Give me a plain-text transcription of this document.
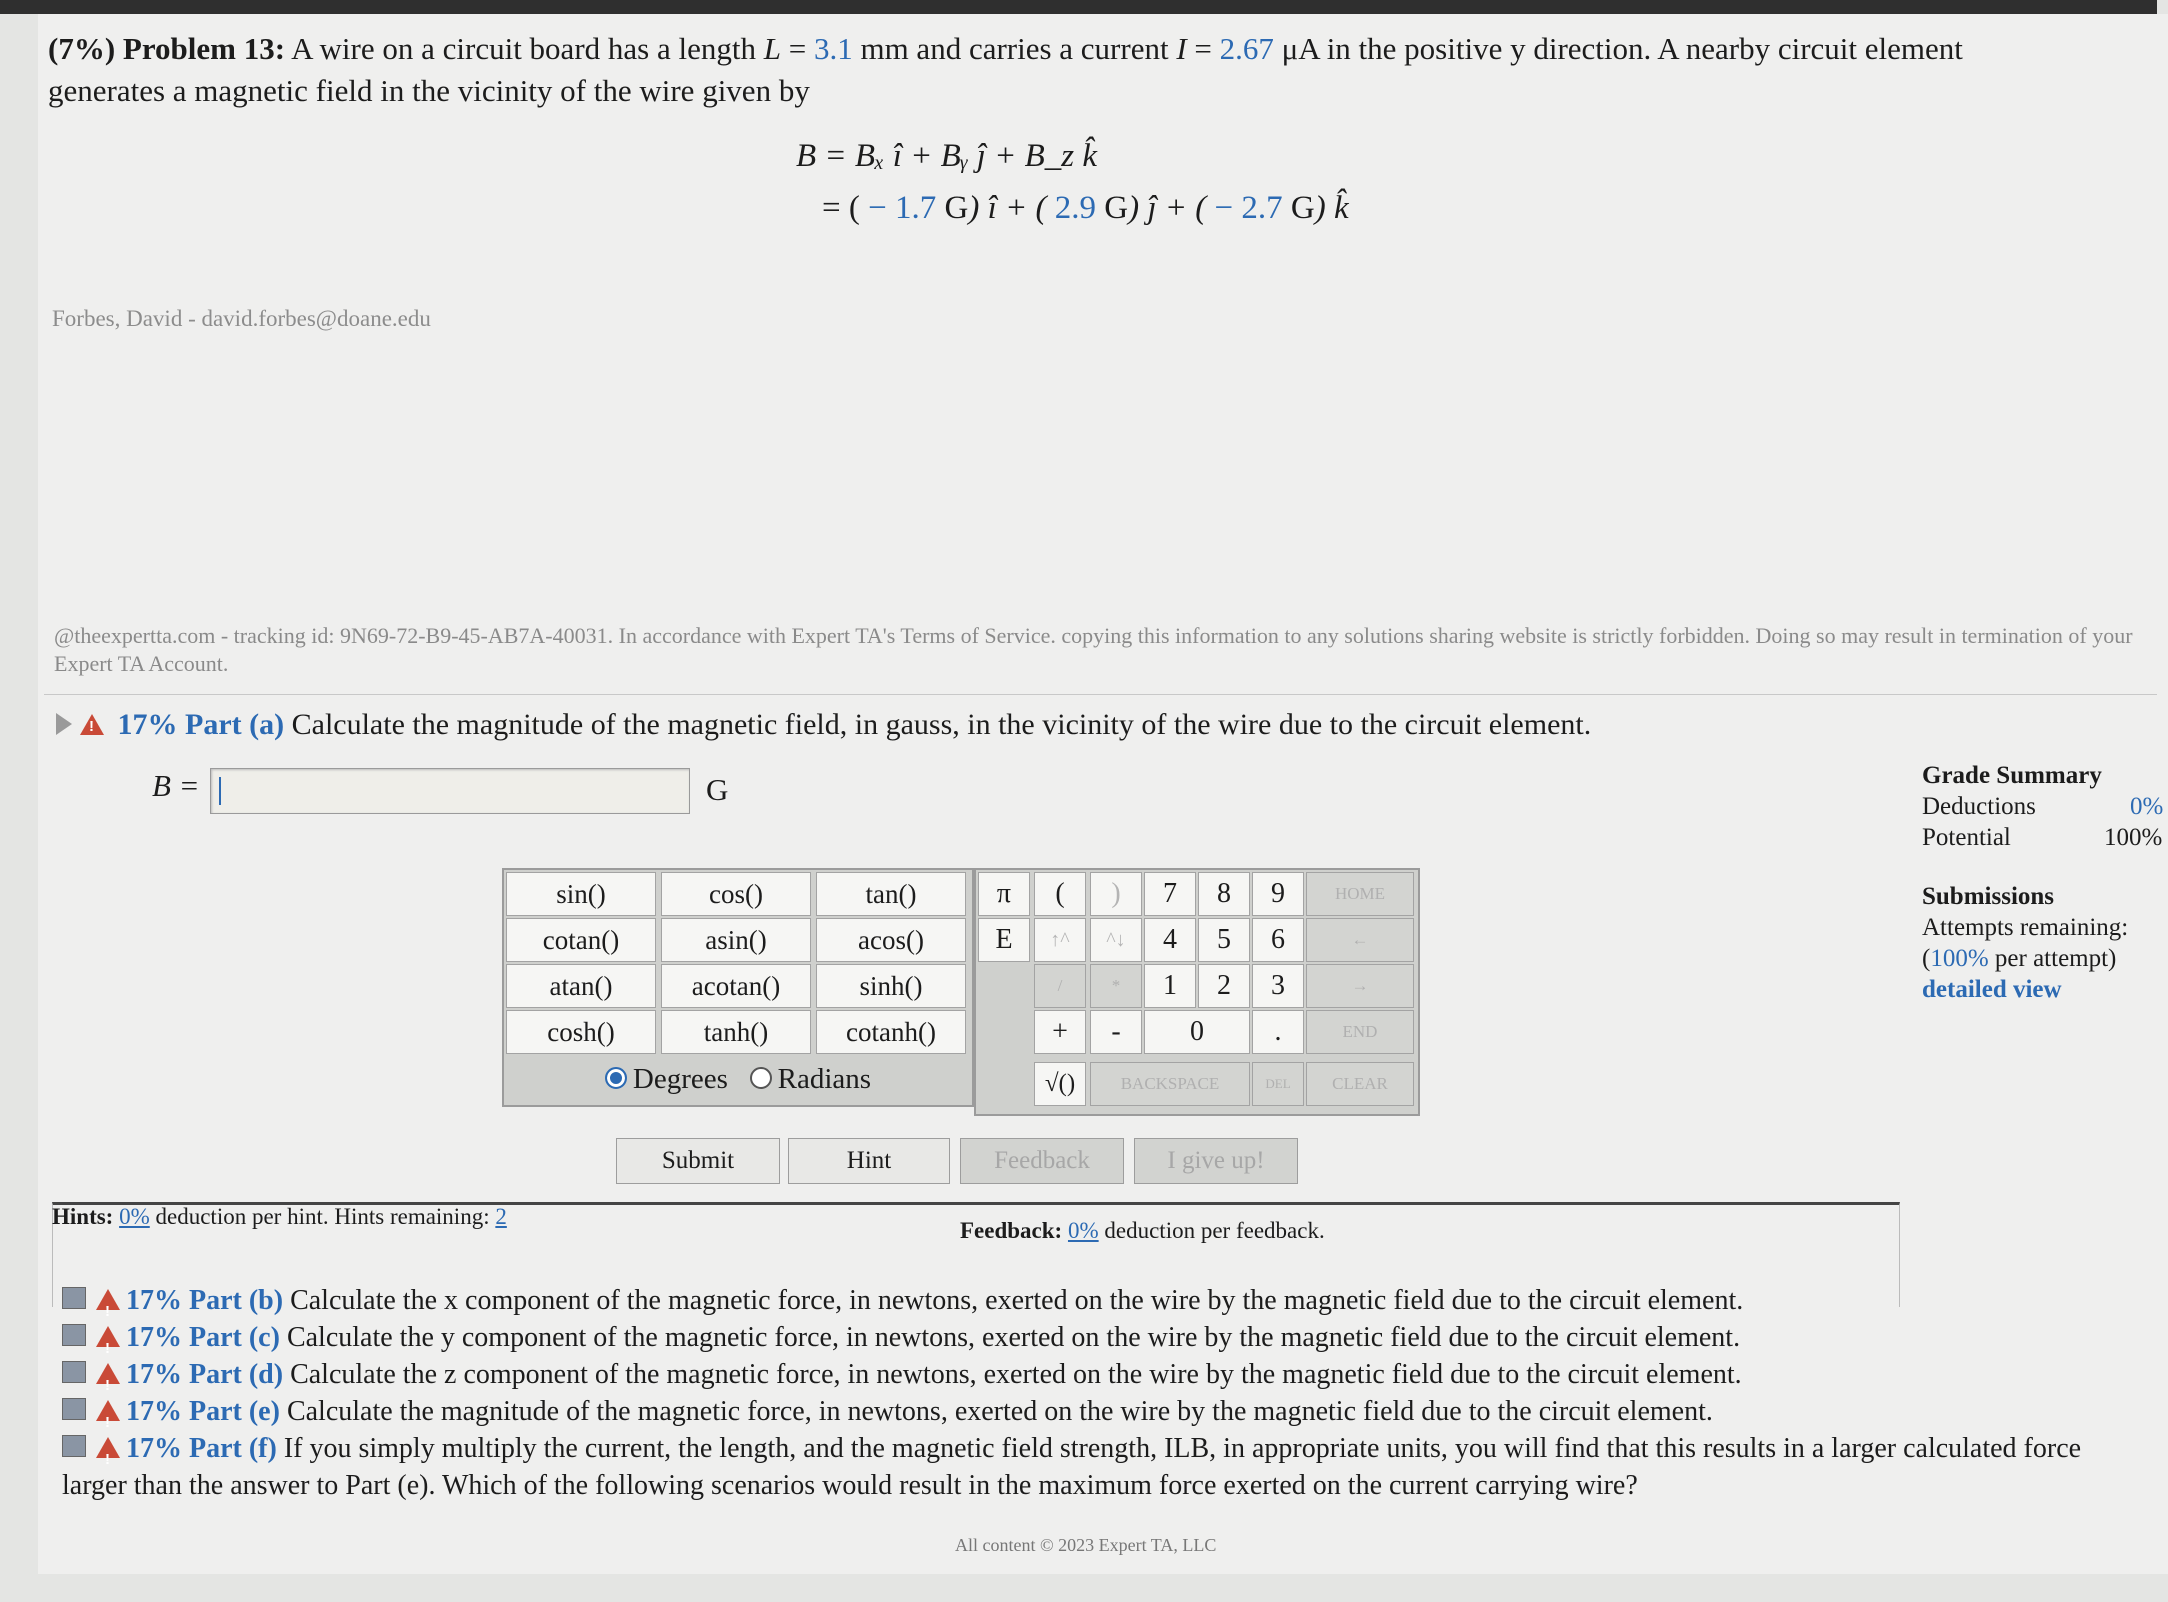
(7%) Problem 13: A wire on a circuit board has a length L = 3.1 mm and carries a current I = 2.67 μA in the positive y direction. A nearby circuit element
generates a magnetic field in the vicinity of the wire given by
B = Bₓ î + Bᵧ ĵ + B_z k̂
= ( − 1.7 G) î + ( 2.9 G) ĵ + ( − 2.7 G) k̂
Forbes, David - david.forbes@doane.edu
@theexpertta.com - tracking id: 9N69-72-B9-45-AB7A-40031. In accordance with Expert TA's Terms of Service. copying this information to any solutions sharing website is strictly forbidden. Doing so may result in termination of your Expert TA Account.
! 17% Part (a) Calculate the magnitude of the magnetic field, in gauss, in the vicinity of the wire due to the circuit element.
B =	G
sin()	cos()	tan()
cotan()	asin()	acos()
atan()	acotan()	sinh()
cosh()	tanh()	cotanh()
Degrees Radians
π	(	)	7	8	9	HOME
E	↑^	^↓	4	5	6	←
/	*	1	2	3	→
+	-	0	.	END
√()	BACKSPACE	DEL	CLEAR
Submit	Hint	Feedback	I give up!
Hints: 0% deduction per hint. Hints remaining: 2
Feedback: 0% deduction per feedback.
Grade Summary
Deductions	0%

Potential	100%

Submissions
Attempts remaining:
(100% per attempt)
detailed view
!17% Part (b) Calculate the x component of the magnetic force, in newtons, exerted on the wire by the magnetic field due to the circuit element.
!17% Part (c) Calculate the y component of the magnetic force, in newtons, exerted on the wire by the magnetic field due to the circuit element.
!17% Part (d) Calculate the z component of the magnetic force, in newtons, exerted on the wire by the magnetic field due to the circuit element.
!17% Part (e) Calculate the magnitude of the magnetic force, in newtons, exerted on the wire by the magnetic field due to the circuit element.
!17% Part (f) If you simply multiply the current, the length, and the magnetic field strength, ILB, in appropriate units, you will find that this results in a larger calculated force larger than the answer to Part (e). Which of the following scenarios would result in the maximum force exerted on the current carrying wire?
All content © 2023 Expert TA, LLC
